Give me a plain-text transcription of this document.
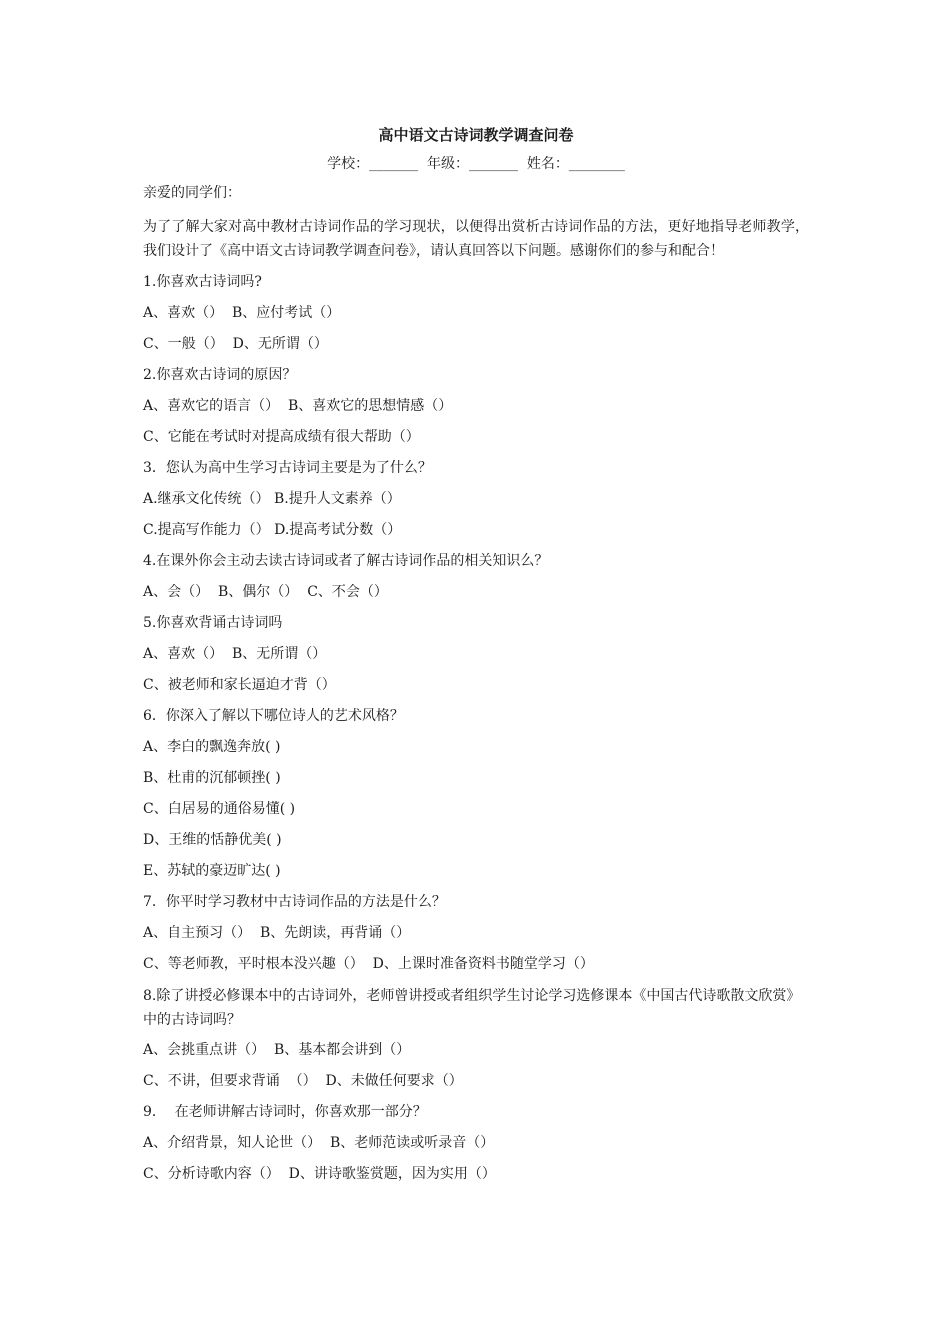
高中语文古诗词教学调查问卷

学校：_______  年级：_______  姓名：________

亲爱的同学们：

为了了解大家对高中教材古诗词作品的学习现状，以便得出赏析古诗词作品的方法，更好地指导老师教学，我们设计了《高中语文古诗词教学调查问卷》，请认真回答以下问题。感谢你们的参与和配合！

1.你喜欢古诗词吗?

A、喜欢（）  B、应付考试（）

C、一般（）  D、无所谓（）

2.你喜欢古诗词的原因？

A、喜欢它的语言（）  B、喜欢它的思想情感（）

C、它能在考试时对提高成绩有很大帮助（）

3．您认为高中生学习古诗词主要是为了什么？

A.继承文化传统（） B.提升人文素养（）

C.提高写作能力（） D.提高考试分数（）

4.在课外你会主动去读古诗词或者了解古诗词作品的相关知识么？

A、会（）  B、偶尔（）  C、不会（）

5.你喜欢背诵古诗词吗

A、喜欢（）  B、无所谓（）

C、被老师和家长逼迫才背（）

6．你深入了解以下哪位诗人的艺术风格？

A、李白的飘逸奔放( )

B、杜甫的沉郁顿挫( )

C、白居易的通俗易懂( )

D、王维的恬静优美( )

E、苏轼的豪迈旷达( )

7．你平时学习教材中古诗词作品的方法是什么？

A、自主预习（）  B、先朗读，再背诵（）

C、等老师教，平时根本没兴趣（）  D、上课时准备资料书随堂学习（）

8.除了讲授必修课本中的古诗词外，老师曾讲授或者组织学生讨论学习选修课本《中国古代诗歌散文欣赏》中的古诗词吗？

A、会挑重点讲（）  B、基本都会讲到（）

C、不讲，但要求背诵  （）  D、未做任何要求（）

9．  在老师讲解古诗词时，你喜欢那一部分？

A、介绍背景，知人论世（）  B、老师范读或听录音（）

C、分析诗歌内容（）  D、讲诗歌鉴赏题，因为实用（）
